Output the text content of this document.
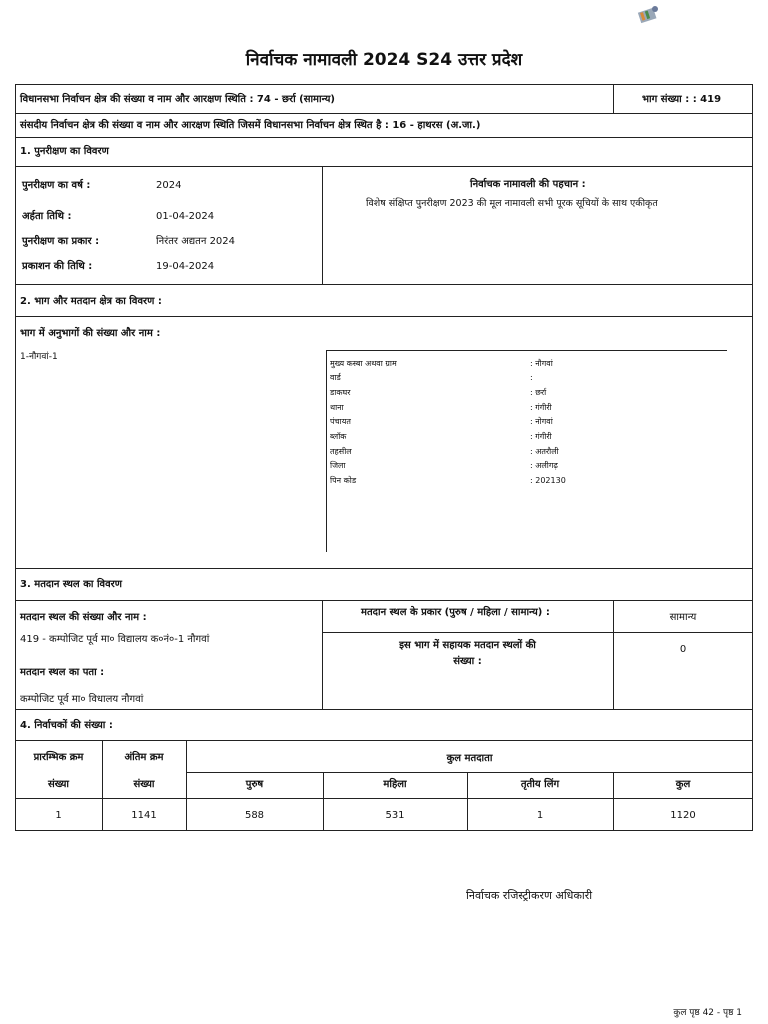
निर्वाचक नामावली 2024 S24 उत्तर प्रदेश
विधानसभा निर्वाचन क्षेत्र की संख्या व नाम और आरक्षण स्थिति : 74 - छर्रा (सामान्य)	भाग संख्या : : 419
संसदीय निर्वाचन क्षेत्र की संख्या व नाम और आरक्षण स्थिति जिसमें विधानसभा निर्वाचन क्षेत्र स्थित है : 16 - हाथरस (अ.जा.)
1. पुनरीक्षण का विवरण
पुनरीक्षण का वर्ष :	2024
अर्हता तिथि :	01-04-2024
पुनरीक्षण का प्रकार :	निरंतर अद्यतन 2024
प्रकाशन की तिथि :	19-04-2024
निर्वाचक नामावली की पहचान :
विशेष संक्षिप्त पुनरीक्षण 2023 की मूल नामावली सभी पूरक सूचियों के साथ एकीकृत
2. भाग और मतदान क्षेत्र का विवरण :
भाग में अनुभागों की संख्या और नाम :
1-नौगवां-1
मुख्य कस्बा अथवा ग्राम	: नौगवां
वार्ड	:
डाकघर	: छर्रा
थाना	: गंगीरी
पंचायत	: नोगवां
ब्लॉक	: गंगीरी
तहसील	: अतरौली
जिला	: अलीगढ़
पिन कोड	: 202130
3. मतदान स्थल का विवरण
मतदान स्थल की संख्या और नाम :
419 - कम्पोजिट पूर्व मा० विद्यालय क०नं०-1 नौगवां
मतदान स्थल का पता :
कम्पोजिट पूर्व मा० विधालय नौगवां
मतदान स्थल के प्रकार (पुरुष / महिला / सामान्य) :	सामान्य
इस भाग में सहायक मतदान स्थलों की
संख्या :
0
4. निर्वाचकों की संख्या :
प्रारम्भिक क्रम
संख्या
अंतिम क्रम
संख्या
कुल मतदाता
पुरुष	महिला	तृतीय लिंग	कुल
1	1141	588	531	1	1120
निर्वाचक रजिस्ट्रीकरण अधिकारी
कुल पृष्ठ 42 - पृष्ठ 1
